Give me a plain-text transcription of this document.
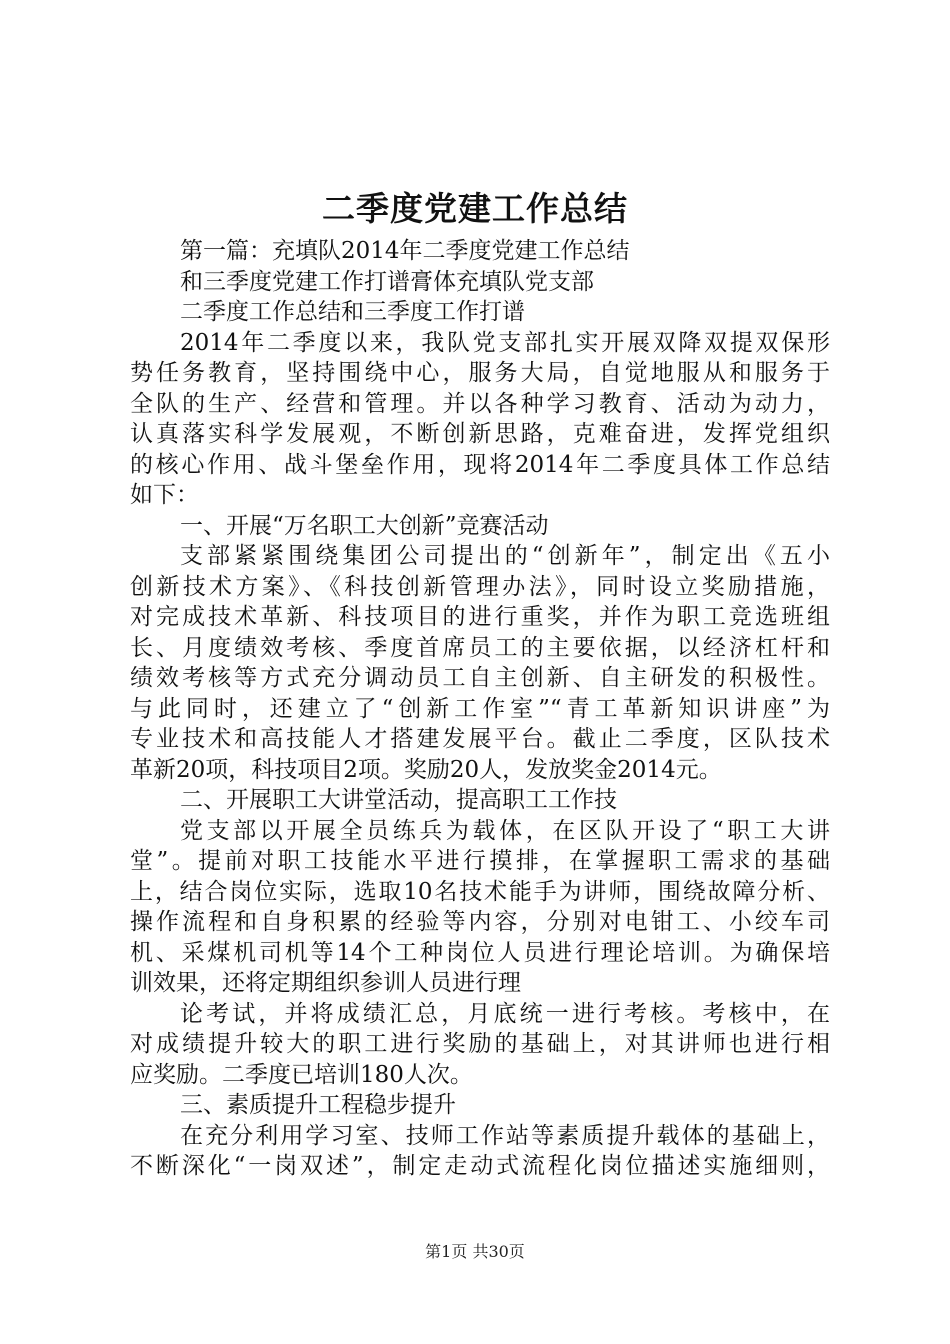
二季度党建工作总结
第一篇：充填队2014年二季度党建工作总结
和三季度党建工作打谱膏体充填队党支部
二季度工作总结和三季度工作打谱
2014年二季度以来，我队党支部扎实开展双降双提双保形
势任务教育，坚持围绕中心，服务大局，自觉地服从和服务于
全队的生产、经营和管理。并以各种学习教育、活动为动力，
认真落实科学发展观，不断创新思路，克难奋进，发挥党组织
的核心作用、战斗堡垒作用，现将2014年二季度具体工作总结
如下：
一、开展“万名职工大创新”竞赛活动
支部紧紧围绕集团公司提出的“创新年”，制定出《五小
创新技术方案》、《科技创新管理办法》，同时设立奖励措施，
对完成技术革新、科技项目的进行重奖，并作为职工竞选班组
长、月度绩效考核、季度首席员工的主要依据，以经济杠杆和
绩效考核等方式充分调动员工自主创新、自主研发的积极性。
与此同时，还建立了“创新工作室”“青工革新知识讲座”为
专业技术和高技能人才搭建发展平台。截止二季度，区队技术
革新20项，科技项目2项。奖励20人，发放奖金2014元。
二、开展职工大讲堂活动，提高职工工作技
党支部以开展全员练兵为载体，在区队开设了“职工大讲
堂”。提前对职工技能水平进行摸排，在掌握职工需求的基础
上，结合岗位实际，选取10名技术能手为讲师，围绕故障分析、
操作流程和自身积累的经验等内容，分别对电钳工、小绞车司
机、采煤机司机等14个工种岗位人员进行理论培训。为确保培
训效果，还将定期组织参训人员进行理
论考试，并将成绩汇总，月底统一进行考核。考核中，在
对成绩提升较大的职工进行奖励的基础上，对其讲师也进行相
应奖励。二季度已培训180人次。
三、素质提升工程稳步提升
在充分利用学习室、技师工作站等素质提升载体的基础上，
不断深化“一岗双述”，制定走动式流程化岗位描述实施细则，
第1页 共30页
